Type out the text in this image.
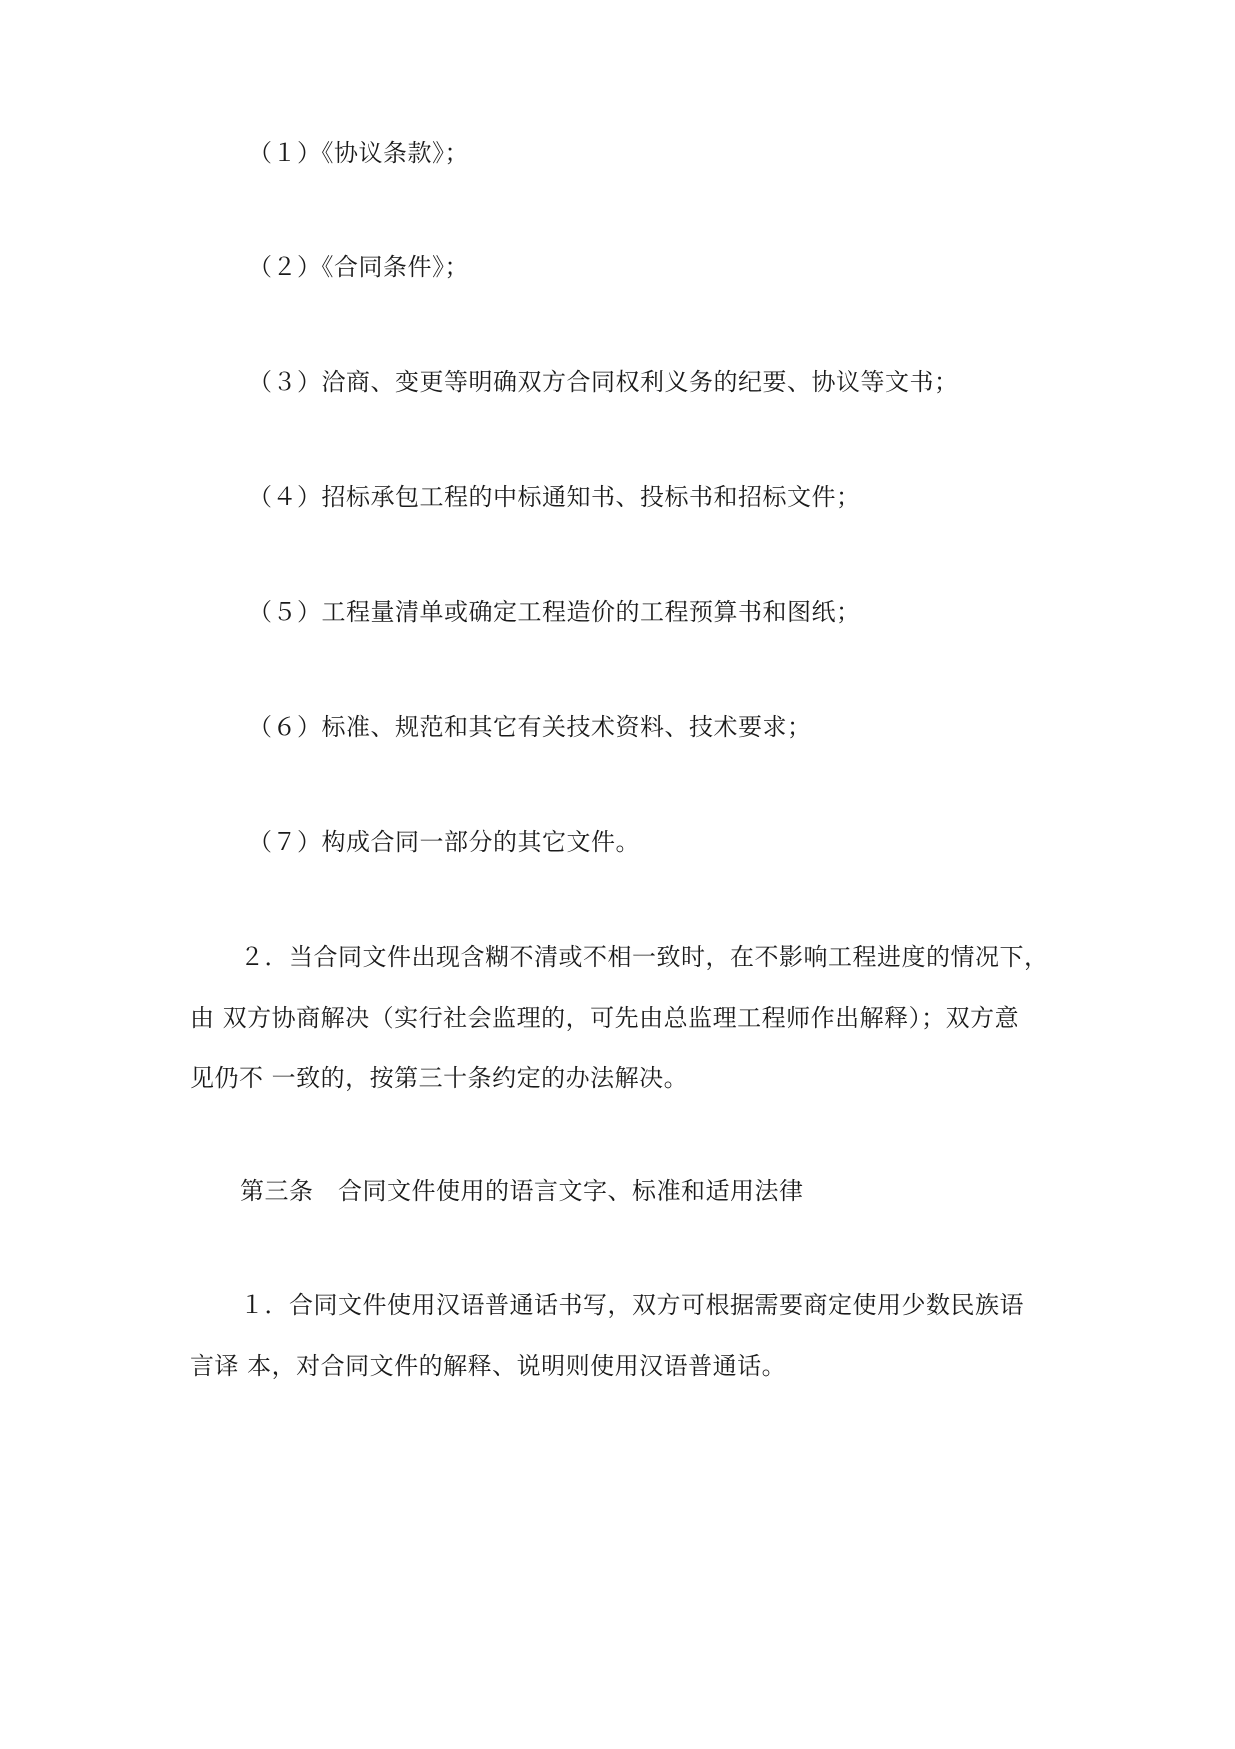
（１）《协议条款》；
（２）《合同条件》；
（３）洽商、变更等明确双方合同权利义务的纪要、协议等文书；
（４）招标承包工程的中标通知书、投标书和招标文件；
（５）工程量清单或确定工程造价的工程预算书和图纸；
（６）标准、规范和其它有关技术资料、技术要求；
（７）构成合同一部分的其它文件。
２．当合同文件出现含糊不清或不相一致时，在不影响工程进度的情况下，
由 双方协商解决（实行社会监理的，可先由总监理工程师作出解释）；双方意
见仍不 一致的，按第三十条约定的办法解决。
第三条　合同文件使用的语言文字、标准和适用法律
１．合同文件使用汉语普通话书写，双方可根据需要商定使用少数民族语
言译 本，对合同文件的解释、说明则使用汉语普通话。
